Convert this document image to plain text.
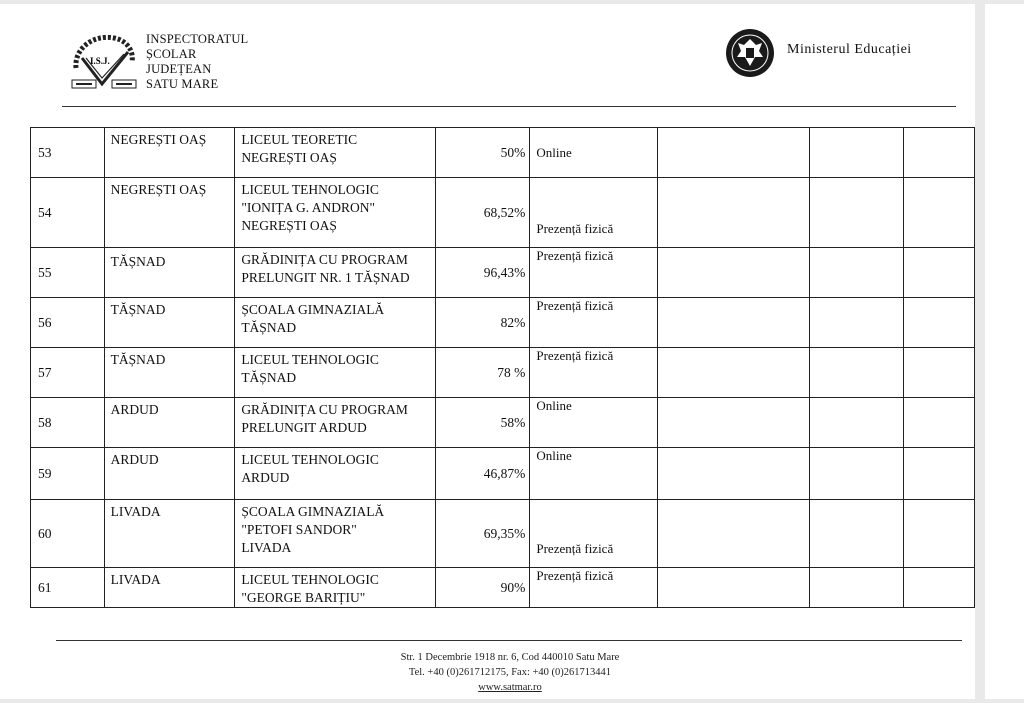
I.S.J.
INSPECTORATUL
ȘCOLAR
JUDEȚEAN
SATU MARE
Ministerul Educației
53	NEGREȘTI OAȘ	LICEUL TEORETIC
NEGREȘTI OAȘ	50%	Online			
54	NEGREȘTI OAȘ	LICEUL TEHNOLOGIC
"IONIȚA G. ANDRON"
NEGREȘTI OAȘ	68,52%	Prezență fizică			
55	TĂȘNAD	GRĂDINIȚA CU PROGRAM
PRELUNGIT NR. 1 TĂȘNAD	96,43%	Prezență fizică			
56	TĂȘNAD	ȘCOALA GIMNAZIALĂ
TĂȘNAD	82%	Prezență fizică			
57	TĂȘNAD	LICEUL TEHNOLOGIC
TĂȘNAD	78 %	Prezență fizică			
58	ARDUD	GRĂDINIȚA CU PROGRAM
PRELUNGIT ARDUD	58%	Online			
59	ARDUD	LICEUL TEHNOLOGIC
ARDUD	46,87%	Online			
60	LIVADA	ȘCOALA GIMNAZIALĂ
"PETOFI SANDOR"
LIVADA	69,35%	Prezență fizică			
61	LIVADA	LICEUL TEHNOLOGIC
"GEORGE BARIȚIU"	90%	Prezență fizică			
Str. 1 Decembrie 1918 nr. 6, Cod 440010 Satu Mare
Tel. +40 (0)261712175, Fax: +40 (0)261713441
www.satmar.ro
